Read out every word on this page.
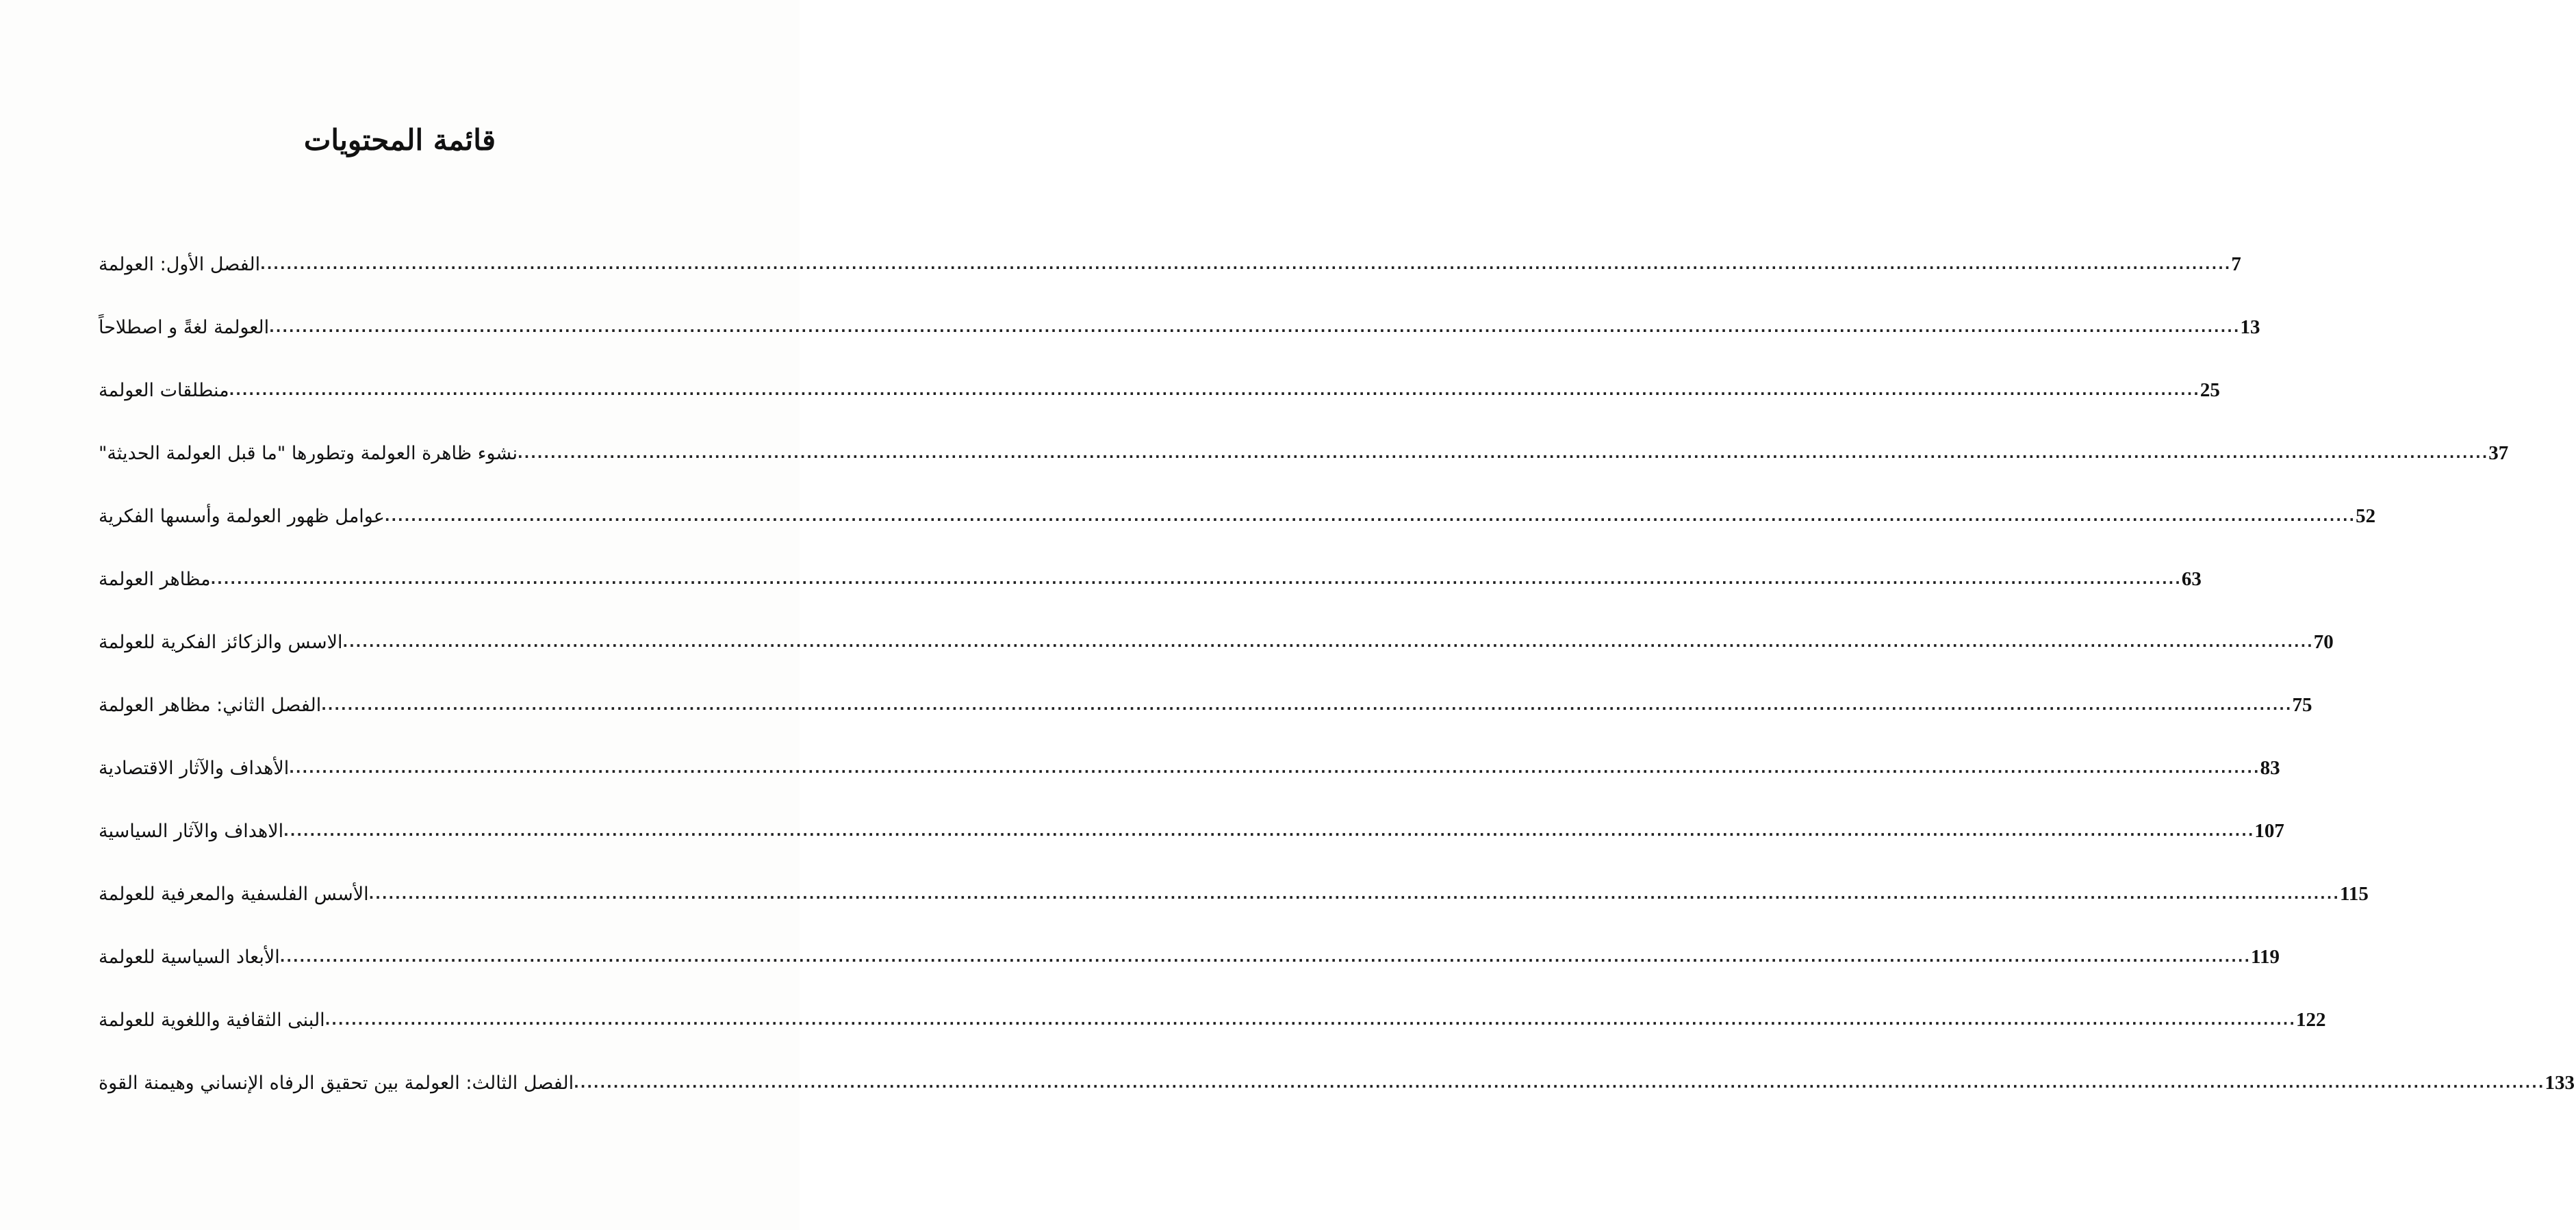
قائمة المحتويات
الفصل الأول: العولمة ............................................................................................................................................................................................................................................................................................................ 7
العولمة لغةً و اصطلاحاً ............................................................................................................................................................................................................................................................................................................ 13
منطلقات العولمة ............................................................................................................................................................................................................................................................................................................ 25
نشوء ظاهرة العولمة وتطورها "ما قبل العولمة الحديثة" ............................................................................................................................................................................................................................................................................................................ 37
عوامل ظهور العولمة وأسسها الفكرية ............................................................................................................................................................................................................................................................................................................ 52
مظاهر العولمة ............................................................................................................................................................................................................................................................................................................ 63
الاسس والزكائز الفكرية للعولمة ............................................................................................................................................................................................................................................................................................................ 70
الفصل الثاني: مظاهر العولمة ............................................................................................................................................................................................................................................................................................................ 75
الأهداف والآثار الاقتصادية ............................................................................................................................................................................................................................................................................................................ 83
الاهداف والآثار السياسية ............................................................................................................................................................................................................................................................................................................ 107
الأسس الفلسفية والمعرفية للعولمة ............................................................................................................................................................................................................................................................................................................ 115
الأبعاد السياسية للعولمة ............................................................................................................................................................................................................................................................................................................ 119
البنى الثقافية واللغوية للعولمة ............................................................................................................................................................................................................................................................................................................ 122
الفصل الثالث: العولمة بين تحقيق الرفاه الإنساني وهيمنة القوة ............................................................................................................................................................................................................................................................................................................ 133
